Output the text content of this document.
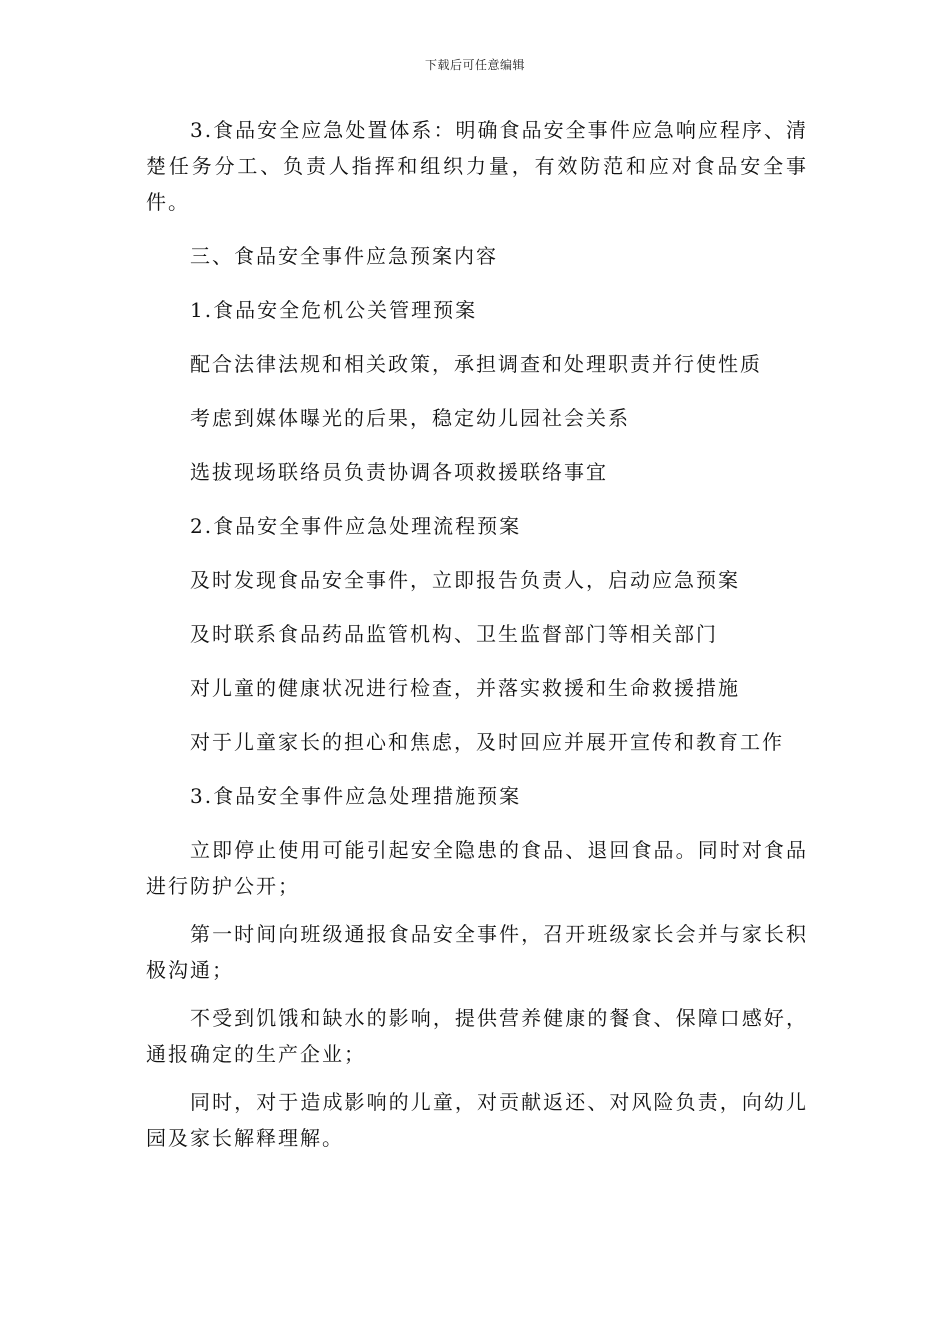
下载后可任意编辑

3.食品安全应急处置体系：明确食品安全事件应急响应程序、清楚任务分工、负责人指挥和组织力量，有效防范和应对食品安全事件。

三、食品安全事件应急预案内容

1.食品安全危机公关管理预案

配合法律法规和相关政策，承担调查和处理职责并行使性质

考虑到媒体曝光的后果，稳定幼儿园社会关系

选拔现场联络员负责协调各项救援联络事宜

2.食品安全事件应急处理流程预案

及时发现食品安全事件，立即报告负责人，启动应急预案

及时联系食品药品监管机构、卫生监督部门等相关部门

对儿童的健康状况进行检查，并落实救援和生命救援措施

对于儿童家长的担心和焦虑，及时回应并展开宣传和教育工作

3.食品安全事件应急处理措施预案

立即停止使用可能引起安全隐患的食品、退回食品。同时对食品进行防护公开；

第一时间向班级通报食品安全事件，召开班级家长会并与家长积极沟通；

不受到饥饿和缺水的影响，提供营养健康的餐食、保障口感好，通报确定的生产企业；

同时，对于造成影响的儿童，对贡献返还、对风险负责，向幼儿园及家长解释理解。
